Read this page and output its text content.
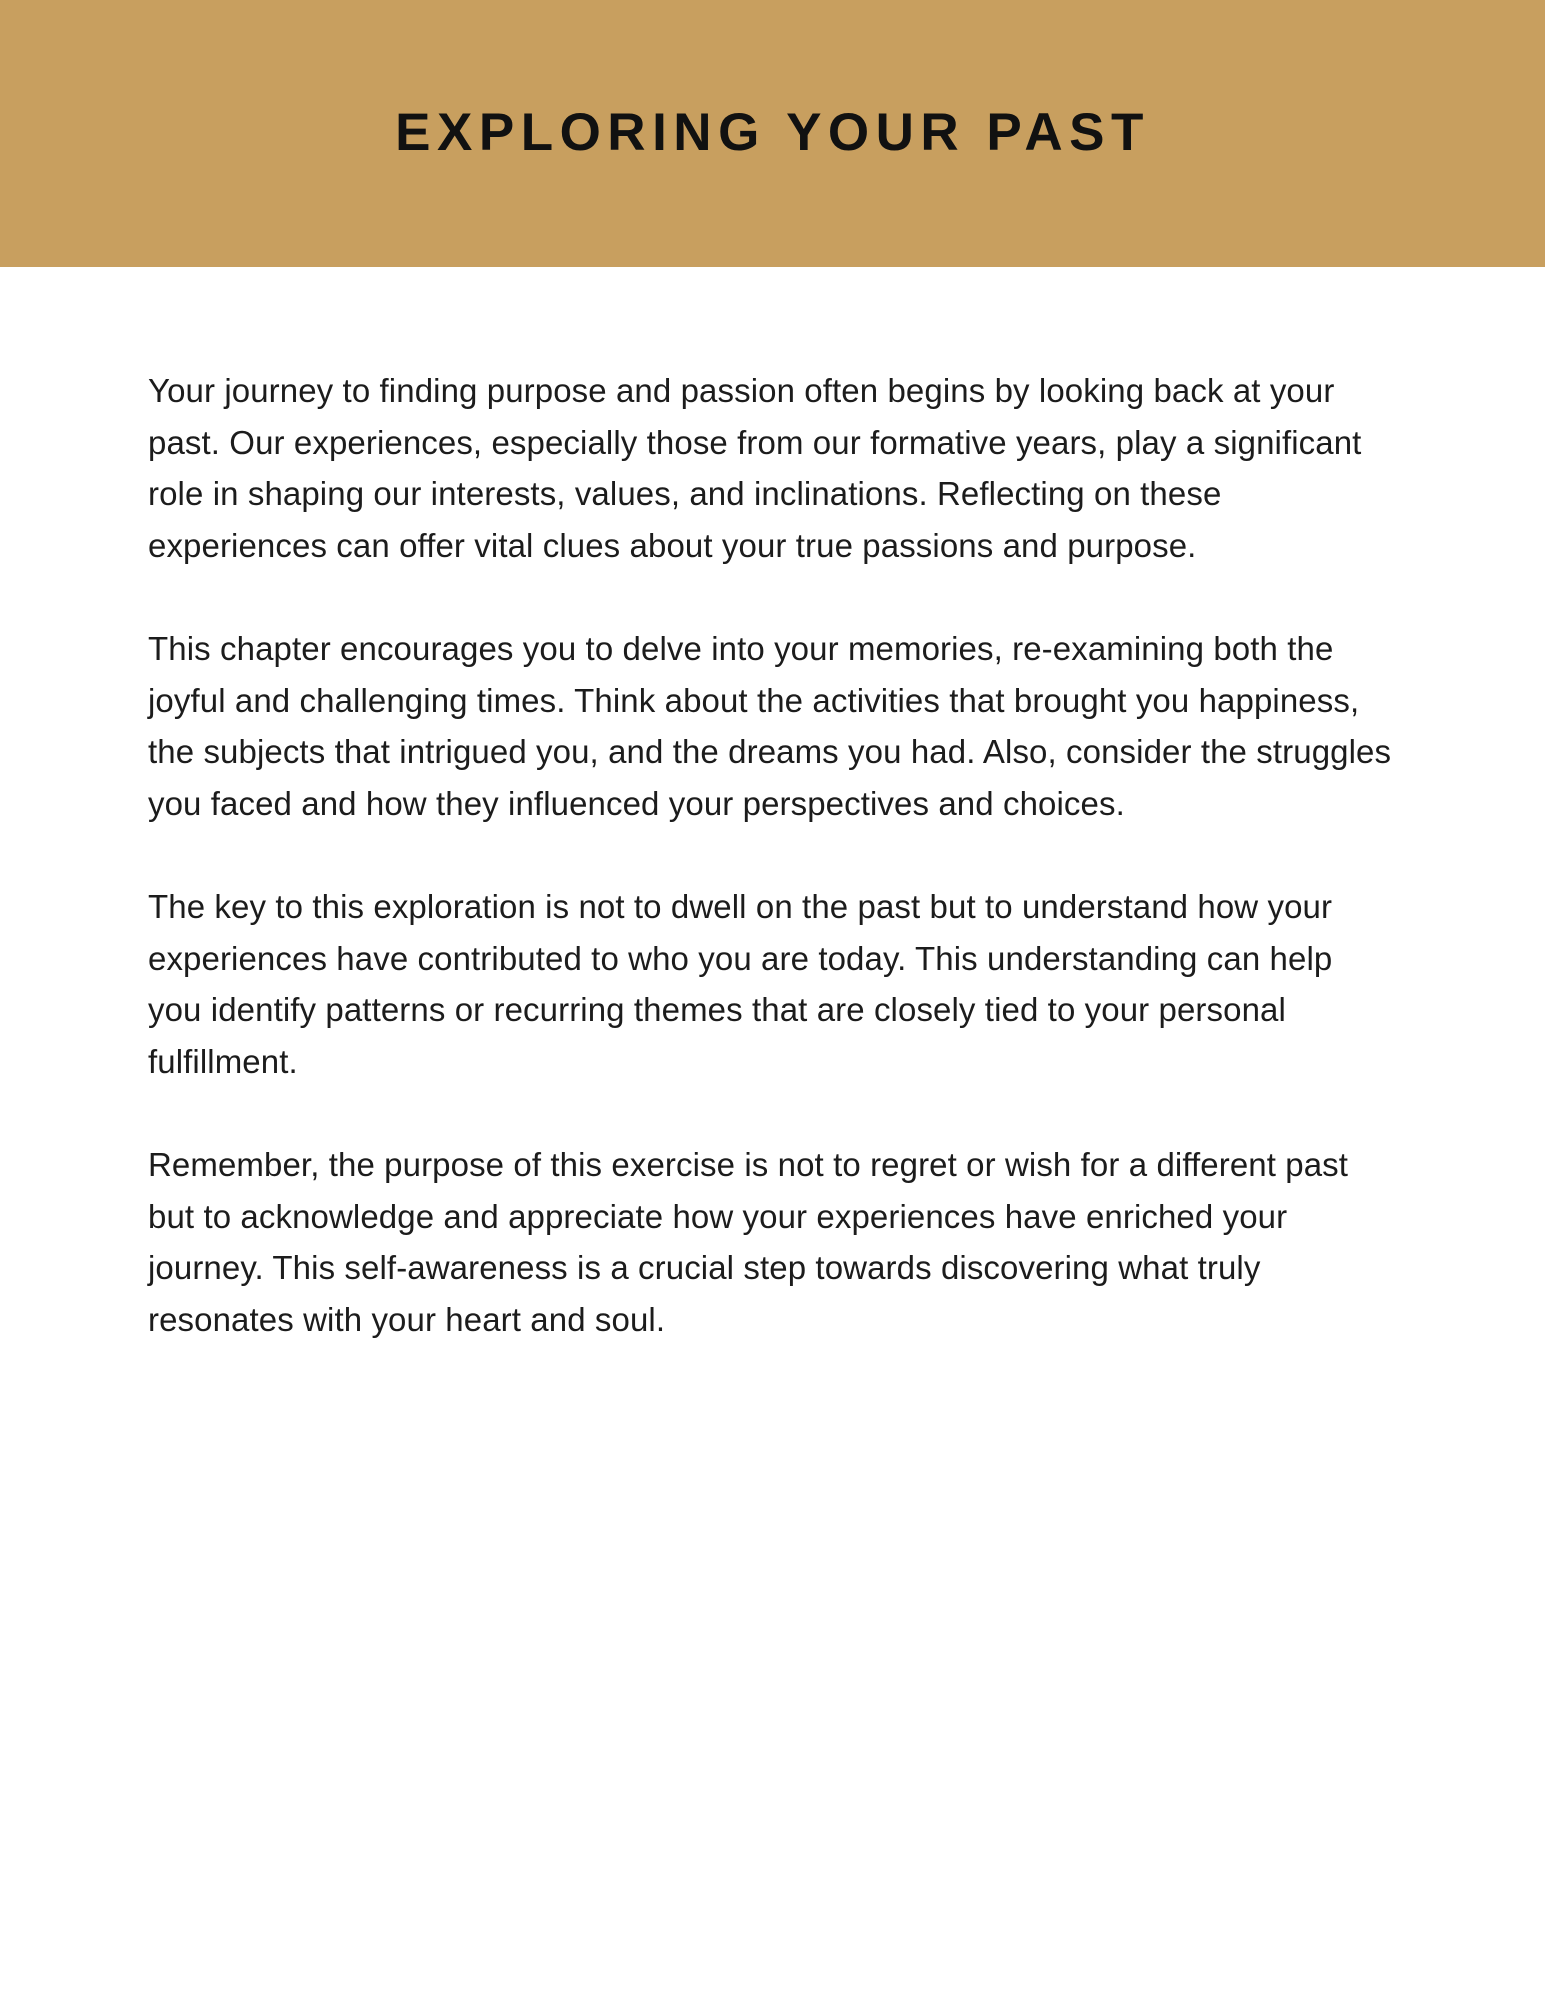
EXPLORING YOUR PAST

Your journey to finding purpose and passion often begins by looking back at your past. Our experiences, especially those from our formative years, play a significant role in shaping our interests, values, and inclinations. Reflecting on these experiences can offer vital clues about your true passions and purpose.

This chapter encourages you to delve into your memories, re-examining both the joyful and challenging times. Think about the activities that brought you happiness, the subjects that intrigued you, and the dreams you had. Also, consider the struggles you faced and how they influenced your perspectives and choices.

The key to this exploration is not to dwell on the past but to understand how your experiences have contributed to who you are today. This understanding can help you identify patterns or recurring themes that are closely tied to your personal fulfillment.

Remember, the purpose of this exercise is not to regret or wish for a different past but to acknowledge and appreciate how your experiences have enriched your journey. This self-awareness is a crucial step towards discovering what truly resonates with your heart and soul.
